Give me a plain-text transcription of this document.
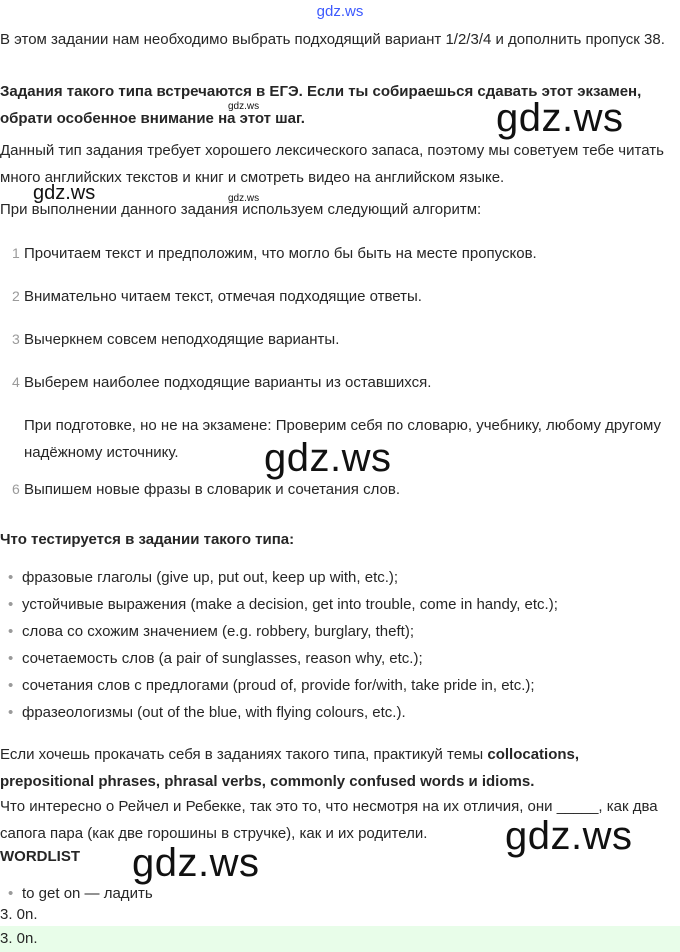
gdz.ws

В этом задании нам необходимо выбрать подходящий вариант 1/2/3/4 и дополнить пропуск 38.

Задания такого типа встречаются в ЕГЭ. Если ты собираешься сдавать этот экзамен, обрати особенное внимание на этот шаг.

gdz.ws	gdz.ws

Данный тип задания требует хорошего лексического запаса, поэтому мы советуем тебе читать много английских текстов и книг и смотреть видео на английском языке.

gdz.ws	gdz.ws

При выполнении данного задания используем следующий алгоритм:

1 Прочитаем текст и предположим, что могло бы быть на месте пропусков.
2 Внимательно читаем текст, отмечая подходящие ответы.
3 Вычеркнем совсем неподходящие варианты.
4 Выберем наиболее подходящие варианты из оставшихся.
При подготовке, но не на экзамене: Проверим себя по словарю, учебнику, любому другому надёжному источнику.	gdz.ws
6 Выпишем новые фразы в словарик и сочетания слов.

Что тестируется в задании такого типа:

• фразовые глаголы (give up, put out, keep up with, etc.);
• устойчивые выражения (make a decision, get into trouble, come in handy, etc.);
• слова со схожим значением (e.g. robbery, burglary, theft);
• сочетаемость слов (a pair of sunglasses, reason why, etc.);
• сочетания слов с предлогами (proud of, provide for/with, take pride in, etc.);
• фразеологизмы (out of the blue, with flying colours, etc.).

Если хочешь прокачать себя в заданиях такого типа, практикуй темы collocations, prepositional phrases, phrasal verbs, commonly confused words и idioms.

Что интересно о Рейчел и Ребекке, так это то, что несмотря на их отличия, они _____, как два сапога пара (как две горошины в стручке), как и их родители.	gdz.ws

WORDLIST	gdz.ws
• to get on — ладить
3. 0n.
3. 0n.
